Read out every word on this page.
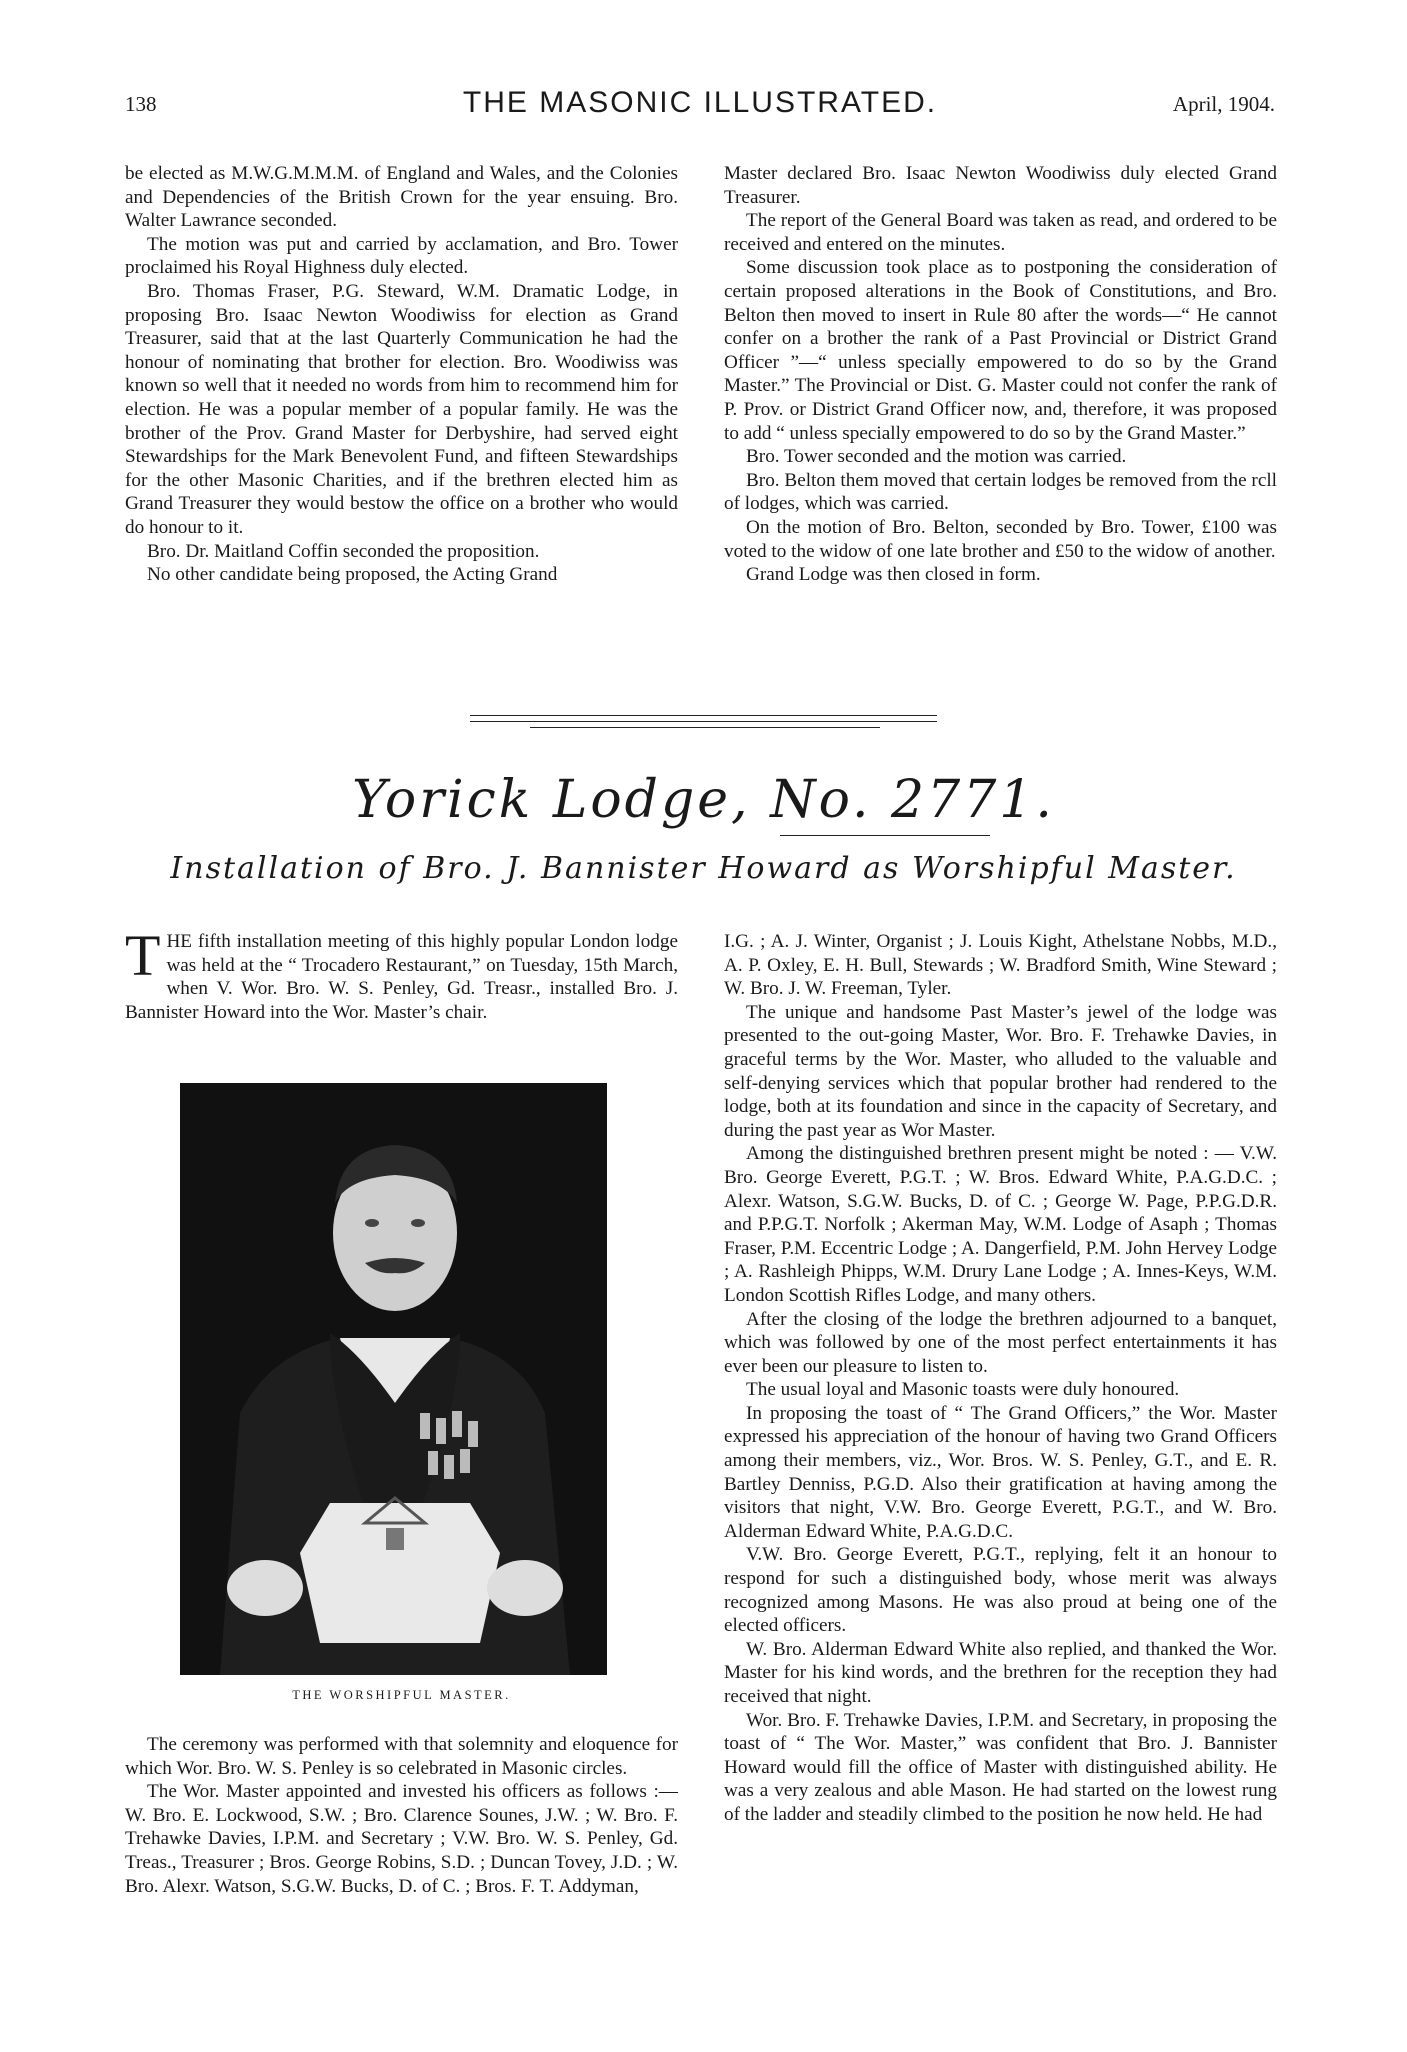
138	THE MASONIC ILLUSTRATED.	April, 1904.

be elected as M.W.G.M.M.M. of England and Wales, and the Colonies and Dependencies of the British Crown for the year ensuing. Bro. Walter Lawrance seconded.

The motion was put and carried by acclamation, and Bro. Tower proclaimed his Royal Highness duly elected.

Bro. Thomas Fraser, P.G. Steward, W.M. Dramatic Lodge, in proposing Bro. Isaac Newton Woodiwiss for election as Grand Treasurer, said that at the last Quarterly Communication he had the honour of nominating that brother for election. Bro. Woodiwiss was known so well that it needed no words from him to recommend him for election. He was a popular member of a popular family. He was the brother of the Prov. Grand Master for Derbyshire, had served eight Stewardships for the Mark Benevolent Fund, and fifteen Stewardships for the other Masonic Charities, and if the brethren elected him as Grand Treasurer they would bestow the office on a brother who would do honour to it.

Bro. Dr. Maitland Coffin seconded the proposition.

No other candidate being proposed, the Acting Grand

Master declared Bro. Isaac Newton Woodiwiss duly elected Grand Treasurer.

The report of the General Board was taken as read, and ordered to be received and entered on the minutes.

Some discussion took place as to postponing the consideration of certain proposed alterations in the Book of Constitutions, and Bro. Belton then moved to insert in Rule 80 after the words—“ He cannot confer on a brother the rank of a Past Provincial or District Grand Officer ”—“ unless specially empowered to do so by the Grand Master.” The Provincial or Dist. G. Master could not confer the rank of P. Prov. or District Grand Officer now, and, therefore, it was proposed to add “ unless specially empowered to do so by the Grand Master.”

Bro. Tower seconded and the motion was carried.

Bro. Belton them moved that certain lodges be removed from the rcll of lodges, which was carried.

On the motion of Bro. Belton, seconded by Bro. Tower, £100 was voted to the widow of one late brother and £50 to the widow of another.

Grand Lodge was then closed in form.

Yorick Lodge, No. 2771.
Installation of Bro. J. Bannister Howard as Worshipful Master.

THE fifth installation meeting of this highly popular London lodge was held at the “ Trocadero Restaurant,” on Tuesday, 15th March, when V. Wor. Bro. W. S. Penley, Gd. Treasr., installed Bro. J. Bannister Howard into the Wor. Master’s chair.

THE WORSHIPFUL MASTER.

The ceremony was performed with that solemnity and eloquence for which Wor. Bro. W. S. Penley is so celebrated in Masonic circles.

The Wor. Master appointed and invested his officers as follows :—W. Bro. E. Lockwood, S.W. ; Bro. Clarence Sounes, J.W. ; W. Bro. F. Trehawke Davies, I.P.M. and Secretary ; V.W. Bro. W. S. Penley, Gd. Treas., Treasurer ; Bros. George Robins, S.D. ; Duncan Tovey, J.D. ; W. Bro. Alexr. Watson, S.G.W. Bucks, D. of C. ; Bros. F. T. Addyman,

I.G. ; A. J. Winter, Organist ; J. Louis Kight, Athelstane Nobbs, M.D., A. P. Oxley, E. H. Bull, Stewards ; W. Bradford Smith, Wine Steward ; W. Bro. J. W. Freeman, Tyler.

The unique and handsome Past Master’s jewel of the lodge was presented to the out-going Master, Wor. Bro. F. Trehawke Davies, in graceful terms by the Wor. Master, who alluded to the valuable and self-denying services which that popular brother had rendered to the lodge, both at its foundation and since in the capacity of Secretary, and during the past year as Wor Master.

Among the distinguished brethren present might be noted : — V.W. Bro. George Everett, P.G.T. ; W. Bros. Edward White, P.A.G.D.C. ; Alexr. Watson, S.G.W. Bucks, D. of C. ; George W. Page, P.P.G.D.R. and P.P.G.T. Norfolk ; Akerman May, W.M. Lodge of Asaph ; Thomas Fraser, P.M. Eccentric Lodge ; A. Dangerfield, P.M. John Hervey Lodge ; A. Rashleigh Phipps, W.M. Drury Lane Lodge ; A. Innes-Keys, W.M. London Scottish Rifles Lodge, and many others.

After the closing of the lodge the brethren adjourned to a banquet, which was followed by one of the most perfect entertainments it has ever been our pleasure to listen to.

The usual loyal and Masonic toasts were duly honoured.

In proposing the toast of “ The Grand Officers,” the Wor. Master expressed his appreciation of the honour of having two Grand Officers among their members, viz., Wor. Bros. W. S. Penley, G.T., and E. R. Bartley Denniss, P.G.D. Also their gratification at having among the visitors that night, V.W. Bro. George Everett, P.G.T., and W. Bro. Alderman Edward White, P.A.G.D.C.

V.W. Bro. George Everett, P.G.T., replying, felt it an honour to respond for such a distinguished body, whose merit was always recognized among Masons. He was also proud at being one of the elected officers.

W. Bro. Alderman Edward White also replied, and thanked the Wor. Master for his kind words, and the brethren for the reception they had received that night.

Wor. Bro. F. Trehawke Davies, I.P.M. and Secretary, in proposing the toast of “ The Wor. Master,” was confident that Bro. J. Bannister Howard would fill the office of Master with distinguished ability. He was a very zealous and able Mason. He had started on the lowest rung of the ladder and steadily climbed to the position he now held. He had
